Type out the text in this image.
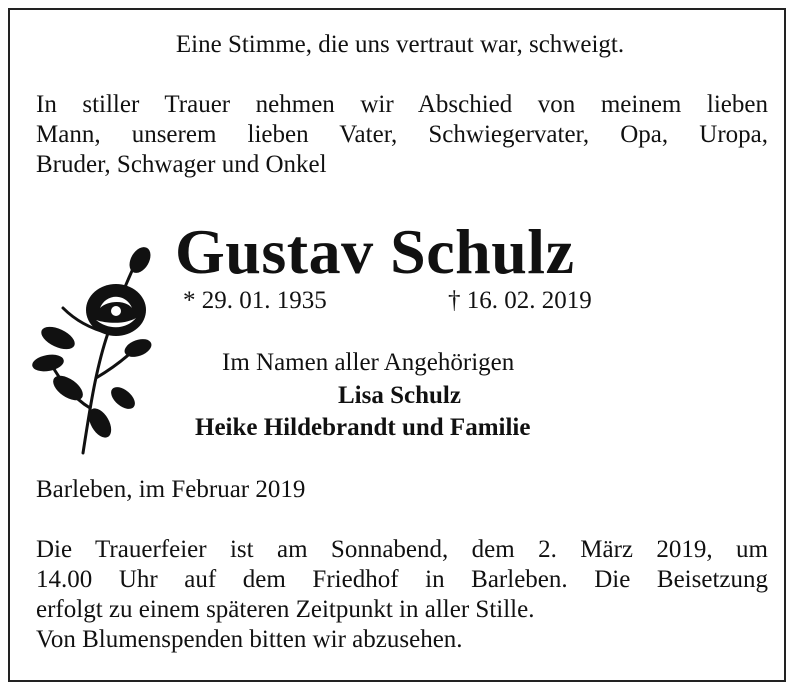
Eine Stimme, die uns vertraut war, schweigt.
In stiller Trauer nehmen wir Abschied von meinem lieben
Mann, unserem lieben Vater, Schwiegervater, Opa, Uropa,
Bruder, Schwager und Onkel
Gustav Schulz
* 29. 01. 1935	† 16. 02. 2019
Im Namen aller Angehörigen
Lisa Schulz
Heike Hildebrandt und Familie
Barleben, im Februar 2019
Die Trauerfeier ist am Sonnabend, dem 2. März 2019, um
14.00 Uhr auf dem Friedhof in Barleben. Die Beisetzung
erfolgt zu einem späteren Zeitpunkt in aller Stille.
Von Blumenspenden bitten wir abzusehen.
